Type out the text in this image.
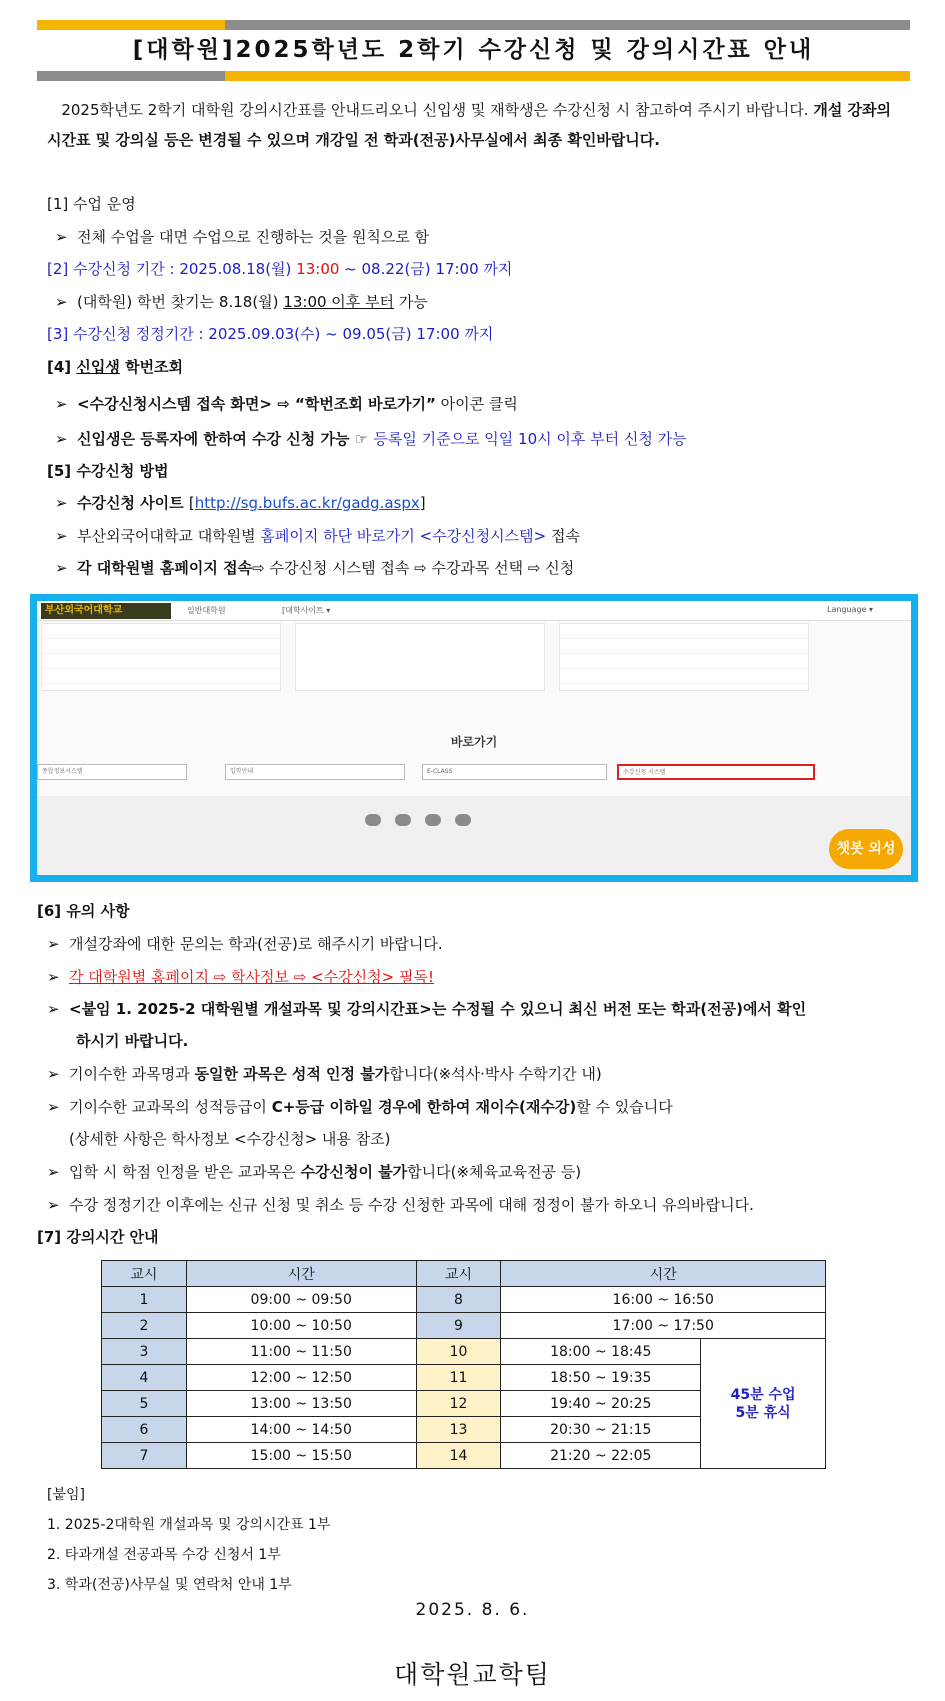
[대학원]2025학년도 2학기 수강신청 및 강의시간표 안내
2025학년도 2학기 대학원 강의시간표를 안내드리오니 신입생 및 재학생은 수강신청 시 참고하여 주시기 바랍니다. 개설 강좌의 시간표 및 강의실 등은 변경될 수 있으며 개강일 전 학과(전공)사무실에서 최종 확인바랍니다.
[1] 수업 운영
➢ 전체 수업을 대면 수업으로 진행하는 것을 원칙으로 함
[2] 수강신청 기간 : 2025.08.18(월) 13:00 ~ 08.22(금) 17:00 까지
➢ (대학원) 학번 찾기는 8.18(월) 13:00 이후 부터 가능
[3] 수강신청 정정기간 : 2025.09.03(수) ~ 09.05(금) 17:00 까지
[4] 신입생 학번조회
➢ <수강신청시스템 접속 화면> ⇨ “학번조회 바로가기” 아이콘 클릭
➢ 신입생은 등록자에 한하여 수강 신청 가능 ☞ 등록일 기준으로 익일 10시 이후 부터 신청 가능
[5] 수강신청 방법
➢ 수강신청 사이트 [http://sg.bufs.ac.kr/gadg.aspx]
➢ 부산외국어대학교 대학원별 홈페이지 하단 바로가기 <수강신청시스템> 접속
➢ 각 대학원별 홈페이지 접속⇨ 수강신청 시스템 접속 ⇨ 수강과목 선택 ⇨ 신청
부산외국어대학교	일반대학원	[대학사이트 ▾	Language ▾
바로가기
종합정보시스템	입학안내	E-CLASS	수강신청 시스템

챗봇 외성
[6] 유의 사항
➢ 개설강좌에 대한 문의는 학과(전공)로 해주시기 바랍니다.
➢ 각 대학원별 홈페이지 ⇨ 학사정보 ⇨ <수강신청> 필독!
➢ <붙임 1. 2025-2 대학원별 개설과목 및 강의시간표>는 수정될 수 있으니 최신 버전 또는 학과(전공)에서 확인
하시기 바랍니다.
➢ 기이수한 과목명과 동일한 과목은 성적 인정 불가합니다(※석사·박사 수학기간 내)
➢ 기이수한 교과목의 성적등급이 C+등급 이하일 경우에 한하여 재이수(재수강)할 수 있습니다
(상세한 사항은 학사정보 <수강신청> 내용 참조)
➢ 입학 시 학점 인정을 받은 교과목은 수강신청이 불가합니다(※체육교육전공 등)
➢ 수강 정정기간 이후에는 신규 신청 및 취소 등 수강 신청한 과목에 대해 정정이 불가 하오니 유의바랍니다.
[7] 강의시간 안내
교시	시간	교시	시간	
1	09:00 ~ 09:50	8	16:00 ~ 16:50	
2	10:00 ~ 10:50	9	17:00 ~ 17:50	
3	11:00 ~ 11:50	10	18:00 ~ 18:45	45분 수업
5분 휴식
4	12:00 ~ 12:50	11	18:50 ~ 19:35	
5	13:00 ~ 13:50	12	19:40 ~ 20:25	
6	14:00 ~ 14:50	13	20:30 ~ 21:15	
7	15:00 ~ 15:50	14	21:20 ~ 22:05	
[붙임]
1. 2025-2대학원 개설과목 및 강의시간표 1부
2. 타과개설 전공과목 수강 신청서 1부
3. 학과(전공)사무실 및 연락처 안내 1부
2025. 8. 6.
대학원교학팀
